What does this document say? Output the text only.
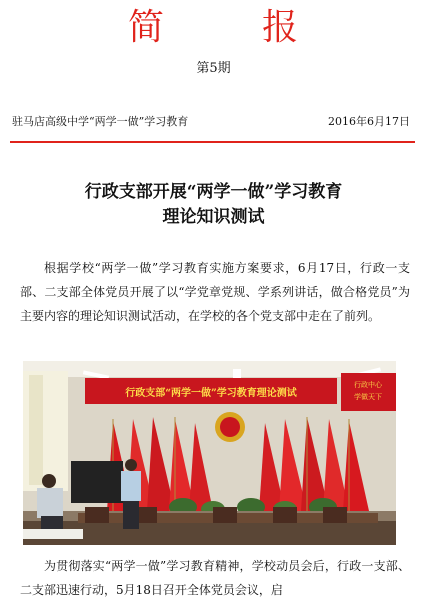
简	报
第5期
驻马店高级中学“两学一做”学习教育	2016年6月17日
行政支部开展“两学一做”学习教育
理论知识测试

根据学校“两学一做”学习教育实施方案要求，6月17日，行政一支部、二支部全体党员开展了以“学党章党规、学系列讲话，做合格党员”为主要内容的理论知识测试活动，在学校的各个党支部中走在了前列。

行政支部“两学一做”学习教育理论测试
行政中心
学做天下

为贯彻落实“两学一做”学习教育精神，学校动员会后，行政一支部、二支部迅速行动，5月18日召开全体党员会议，启
